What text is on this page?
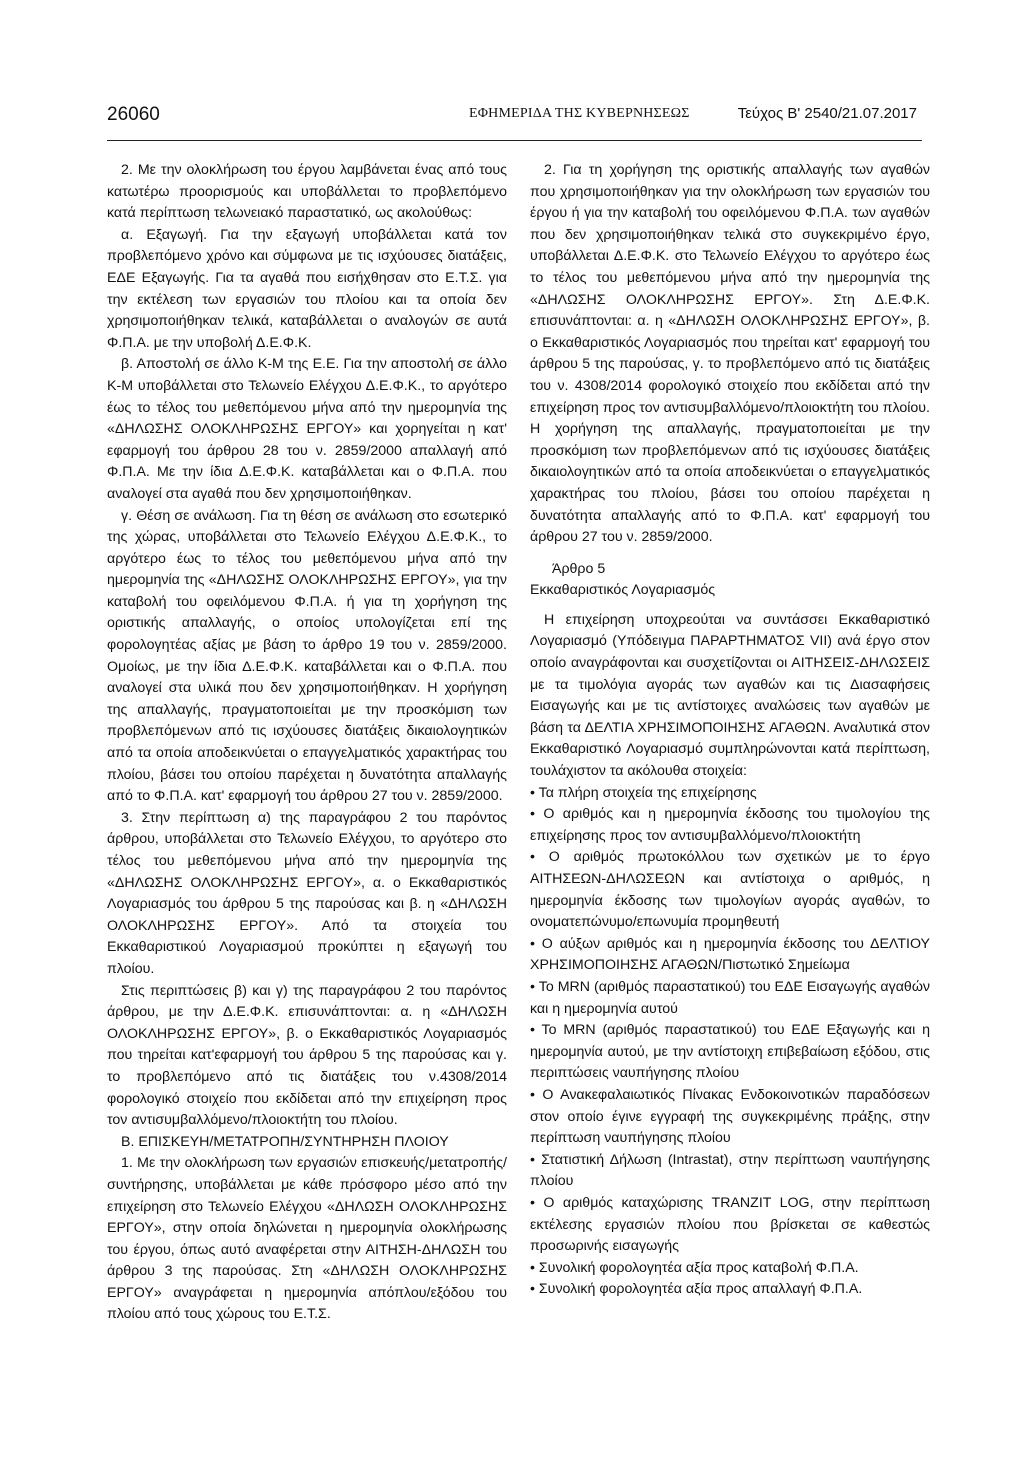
26060	ΕΦΗΜΕΡΙΔΑ ΤΗΣ ΚΥΒΕΡΝΗΣΕΩΣ	Τεύχος Β' 2540/21.07.2017

2. Με την ολοκλήρωση του έργου λαμβάνεται ένας από τους κατωτέρω προορισμούς και υποβάλλεται το προβλεπόμενο κατά περίπτωση τελωνειακό παραστατικό, ως ακολούθως:

α. Εξαγωγή. Για την εξαγωγή υποβάλλεται κατά τον προβλεπόμενο χρόνο και σύμφωνα με τις ισχύουσες διατάξεις, ΕΔΕ Εξαγωγής. Για τα αγαθά που εισήχθησαν στο Ε.Τ.Σ. για την εκτέλεση των εργασιών του πλοίου και τα οποία δεν χρησιμοποιήθηκαν τελικά, καταβάλλεται ο αναλογών σε αυτά Φ.Π.Α. με την υποβολή Δ.Ε.Φ.Κ.

β. Αποστολή σε άλλο Κ-Μ της Ε.Ε. Για την αποστολή σε άλλο Κ-Μ υποβάλλεται στο Τελωνείο Ελέγχου Δ.Ε.Φ.Κ., το αργότερο έως το τέλος του μεθεπόμενου μήνα από την ημερομηνία της «ΔΗΛΩΣΗΣ ΟΛΟΚΛΗΡΩΣΗΣ ΕΡΓΟΥ» και χορηγείται η κατ' εφαρμογή του άρθρου 28 του ν. 2859/2000 απαλλαγή από Φ.Π.Α. Με την ίδια Δ.Ε.Φ.Κ. καταβάλλεται και ο Φ.Π.Α. που αναλογεί στα αγαθά που δεν χρησιμοποιήθηκαν.

γ. Θέση σε ανάλωση. Για τη θέση σε ανάλωση στο εσωτερικό της χώρας, υποβάλλεται στο Τελωνείο Ελέγχου Δ.Ε.Φ.Κ., το αργότερο έως το τέλος του μεθεπόμενου μήνα από την ημερομηνία της «ΔΗΛΩΣΗΣ ΟΛΟΚΛΗΡΩΣΗΣ ΕΡΓΟΥ», για την καταβολή του οφειλόμενου Φ.Π.Α. ή για τη χορήγηση της οριστικής απαλλαγής, ο οποίος υπολογίζεται επί της φορολογητέας αξίας με βάση το άρθρο 19 του ν. 2859/2000. Ομοίως, με την ίδια Δ.Ε.Φ.Κ. καταβάλλεται και ο Φ.Π.Α. που αναλογεί στα υλικά που δεν χρησιμοποιήθηκαν. Η χορήγηση της απαλλαγής, πραγματοποιείται με την προσκόμιση των προβλεπόμενων από τις ισχύουσες διατάξεις δικαιολογητικών από τα οποία αποδεικνύεται ο επαγγελματικός χαρακτήρας του πλοίου, βάσει του οποίου παρέχεται η δυνατότητα απαλλαγής από το Φ.Π.Α. κατ' εφαρμογή του άρθρου 27 του ν. 2859/2000.

3. Στην περίπτωση α) της παραγράφου 2 του παρόντος άρθρου, υποβάλλεται στο Τελωνείο Ελέγχου, το αργότερο στο τέλος του μεθεπόμενου μήνα από την ημερομηνία της «ΔΗΛΩΣΗΣ ΟΛΟΚΛΗΡΩΣΗΣ ΕΡΓΟΥ», α. ο Εκκαθαριστικός Λογαριασμός του άρθρου 5 της παρούσας και β. η «ΔΗΛΩΣΗ ΟΛΟΚΛΗΡΩΣΗΣ ΕΡΓΟΥ». Από τα στοιχεία του Εκκαθαριστικού Λογαριασμού προκύπτει η εξαγωγή του πλοίου.

Στις περιπτώσεις β) και γ) της παραγράφου 2 του παρόντος άρθρου, με την Δ.Ε.Φ.Κ. επισυνάπτονται: α. η «ΔΗΛΩΣΗ ΟΛΟΚΛΗΡΩΣΗΣ ΕΡΓΟΥ», β. ο Εκκαθαριστικός Λογαριασμός που τηρείται κατ'εφαρμογή του άρθρου 5 της παρούσας και γ. το προβλεπόμενο από τις διατάξεις του ν.4308/2014 φορολογικό στοιχείο που εκδίδεται από την επιχείρηση προς τον αντισυμβαλλόμενο/πλοιοκτήτη του πλοίου.

Β. ΕΠΙΣΚΕΥΗ/ΜΕΤΑΤΡΟΠΗ/ΣΥΝΤΗΡΗΣΗ ΠΛΟΙΟΥ

1. Με την ολοκλήρωση των εργασιών επισκευής/μετατροπής/συντήρησης, υποβάλλεται με κάθε πρόσφορο μέσο από την επιχείρηση στο Τελωνείο Ελέγχου «ΔΗΛΩΣΗ ΟΛΟΚΛΗΡΩΣΗΣ ΕΡΓΟΥ», στην οποία δηλώνεται η ημερομηνία ολοκλήρωσης του έργου, όπως αυτό αναφέρεται στην ΑΙΤΗΣΗ-ΔΗΛΩΣΗ του άρθρου 3 της παρούσας. Στη «ΔΗΛΩΣΗ ΟΛΟΚΛΗΡΩΣΗΣ ΕΡΓΟΥ» αναγράφεται η ημερομηνία απόπλου/εξόδου του πλοίου από τους χώρους του Ε.Τ.Σ.

2. Για τη χορήγηση της οριστικής απαλλαγής των αγαθών που χρησιμοποιήθηκαν για την ολοκλήρωση των εργασιών του έργου ή για την καταβολή του οφειλόμενου Φ.Π.Α. των αγαθών που δεν χρησιμοποιήθηκαν τελικά στο συγκεκριμένο έργο, υποβάλλεται Δ.Ε.Φ.Κ. στο Τελωνείο Ελέγχου το αργότερο έως το τέλος του μεθεπόμενου μήνα από την ημερομηνία της «ΔΗΛΩΣΗΣ ΟΛΟΚΛΗΡΩΣΗΣ ΕΡΓΟΥ». Στη Δ.Ε.Φ.Κ. επισυνάπτονται: α. η «ΔΗΛΩΣΗ ΟΛΟΚΛΗΡΩΣΗΣ ΕΡΓΟΥ», β. ο Εκκαθαριστικός Λογαριασμός που τηρείται κατ' εφαρμογή του άρθρου 5 της παρούσας, γ. το προβλεπόμενο από τις διατάξεις του ν. 4308/2014 φορολογικό στοιχείο που εκδίδεται από την επιχείρηση προς τον αντισυμβαλλόμενο/πλοιοκτήτη του πλοίου. Η χορήγηση της απαλλαγής, πραγματοποιείται με την προσκόμιση των προβλεπόμενων από τις ισχύουσες διατάξεις δικαιολογητικών από τα οποία αποδεικνύεται ο επαγγελματικός χαρακτήρας του πλοίου, βάσει του οποίου παρέχεται η δυνατότητα απαλλαγής από το Φ.Π.Α. κατ' εφαρμογή του άρθρου 27 του ν. 2859/2000.

Άρθρο 5

Εκκαθαριστικός Λογαριασμός

Η επιχείρηση υποχρεούται να συντάσσει Εκκαθαριστικό Λογαριασμό (Υπόδειγμα ΠΑΡΑΡΤΗΜΑΤΟΣ VII) ανά έργο στον οποίο αναγράφονται και συσχετίζονται οι ΑΙΤΗΣΕΙΣ-ΔΗΛΩΣΕΙΣ με τα τιμολόγια αγοράς των αγαθών και τις Διασαφήσεις Εισαγωγής και με τις αντίστοιχες αναλώσεις των αγαθών με βάση τα ΔΕΛΤΙΑ ΧΡΗΣΙΜΟΠΟΙΗΣΗΣ ΑΓΑΘΩΝ. Αναλυτικά στον Εκκαθαριστικό Λογαριασμό συμπληρώνονται κατά περίπτωση, τουλάχιστον τα ακόλουθα στοιχεία:

• Τα πλήρη στοιχεία της επιχείρησης

• Ο αριθμός και η ημερομηνία έκδοσης του τιμολογίου της επιχείρησης προς τον αντισυμβαλλόμενο/πλοιοκτήτη

• Ο αριθμός πρωτοκόλλου των σχετικών με το έργο ΑΙΤΗΣΕΩΝ-ΔΗΛΩΣΕΩΝ και αντίστοιχα ο αριθμός, η ημερομηνία έκδοσης των τιμολογίων αγοράς αγαθών, το ονοματεπώνυμο/επωνυμία προμηθευτή

• Ο αύξων αριθμός και η ημερομηνία έκδοσης του ΔΕΛΤΙΟΥ ΧΡΗΣΙΜΟΠΟΙΗΣΗΣ ΑΓΑΘΩΝ/Πιστωτικό Σημείωμα

• Το MRN (αριθμός παραστατικού) του ΕΔΕ Εισαγωγής αγαθών και η ημερομηνία αυτού

• Το MRN (αριθμός παραστατικού) του ΕΔΕ Εξαγωγής και η ημερομηνία αυτού, με την αντίστοιχη επιβεβαίωση εξόδου, στις περιπτώσεις ναυπήγησης πλοίου

• Ο Ανακεφαλαιωτικός Πίνακας Ενδοκοινοτικών παραδόσεων στον οποίο έγινε εγγραφή της συγκεκριμένης πράξης, στην περίπτωση ναυπήγησης πλοίου

• Στατιστική Δήλωση (Intrastat), στην περίπτωση ναυπήγησης πλοίου

• Ο αριθμός καταχώρισης TRANZIT LOG, στην περίπτωση εκτέλεσης εργασιών πλοίου που βρίσκεται σε καθεστώς προσωρινής εισαγωγής

• Συνολική φορολογητέα αξία προς καταβολή Φ.Π.Α.

• Συνολική φορολογητέα αξία προς απαλλαγή Φ.Π.Α.
